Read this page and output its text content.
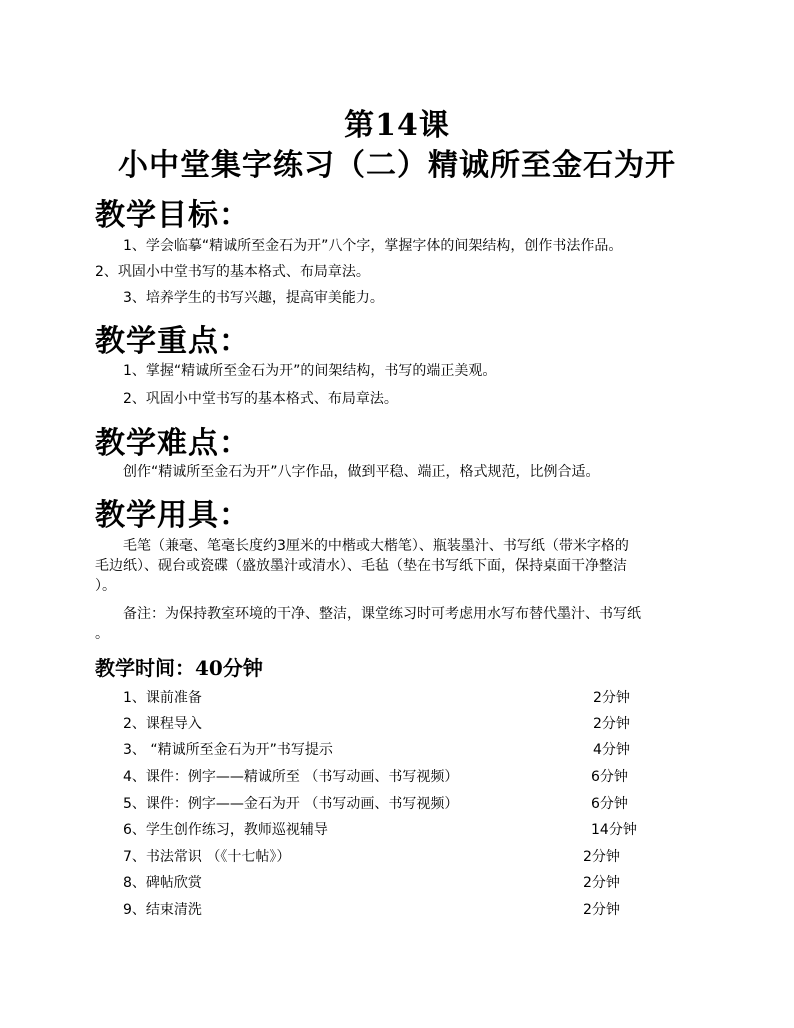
第14课
小中堂集字练习（二）精诚所至金石为开
教学目标：
1、学会临摹“精诚所至金石为开”八个字，掌握字体的间架结构，创作书法作品。
2、巩固小中堂书写的基本格式、布局章法。
3、培养学生的书写兴趣，提高审美能力。
教学重点：
1、掌握“精诚所至金石为开”的间架结构，书写的端正美观。
2、巩固小中堂书写的基本格式、布局章法。
教学难点：
创作“精诚所至金石为开”八字作品，做到平稳、端正，格式规范，比例合适。
教学用具：
毛笔（兼毫、笔毫长度约3厘米的中楷或大楷笔）、瓶装墨汁、书写纸（带米字格的
毛边纸）、砚台或瓷碟（盛放墨汁或清水）、毛毡（垫在书写纸下面，保持桌面干净整洁
）。
备注：为保持教室环境的干净、整洁，课堂练习时可考虑用水写布替代墨汁、书写纸
。
教学时间：40分钟
1、课前准备	2分钟
2、课程导入	2分钟
3、 “精诚所至金石为开”书写提示	4分钟
4、课件：例字——精诚所至 （书写动画、书写视频）	6分钟
5、课件：例字——金石为开 （书写动画、书写视频）	6分钟
6、学生创作练习，教师巡视辅导	14分钟
7、书法常识 （《十七帖》）	2分钟
8、碑帖欣赏	2分钟
9、结束清洗	2分钟
